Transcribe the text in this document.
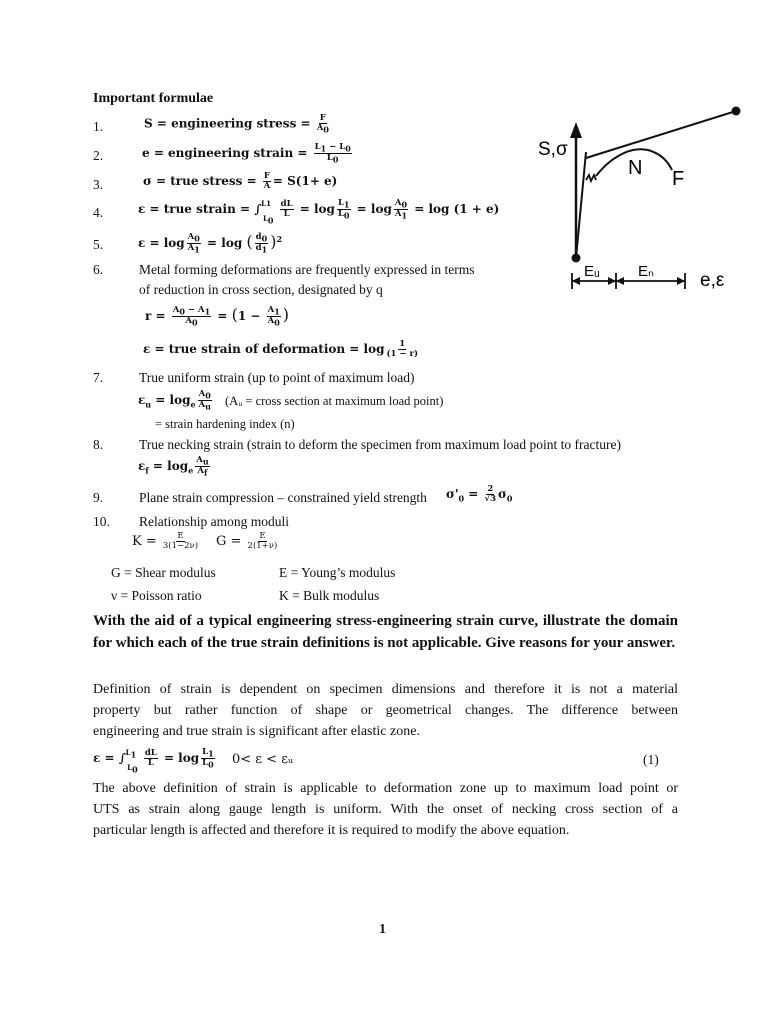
Important formulae
1.	S = engineering stress = $\frac{F}{A_0}$
2.	e = engineering strain = $\frac{L_1 - L_0}{L_0}$
3.	σ = true stress = $\frac{F}{A} = S(1+ e)$
4.	ε = true strain = ∫$^{L1}_{L_0}$
$\frac{dL}{L} = \log \frac{L_1}{L_0} = \log \frac{A_0}{A_1} = \log (1 + e)$
5.	$\varepsilon = \log \frac{A_0}{A_1} = \log$ ( $\frac{d_0}{d_1} )^2$
6.	Metal forming deformations are frequently expressed in terms
of reduction in cross section, designated by q
$r = \frac{A_0 - A_1}{A_0} = (1 - \frac{A_1}{A_0}$ )
ε = true strain of deformation = $\log \frac{1}{(1 - r)}$
7.	True uniform strain (up to point of maximum load)
$\varepsilon_u = \log_e \frac{A_0}{A_u}$ (Aᵤ = cross section at maximum load point)
= strain hardening index (n)
8.	True necking strain (strain to deform the specimen from maximum load point to fracture)
$\varepsilon_f = \log_e \frac{A_u}{A_f}$
9.	Plane strain compression – constrained yield strength $\sigma'_0 = \frac{2}{√3} \sigma_0$
10. Relationship among moduli
$K = \frac{E}{3(1-2\nu)}$ $G = \frac{E}{2(1+\nu)}$
G = Shear modulus	E = Young’s modulus
ν = Poisson ratio	K = Bulk modulus
With the aid of a typical engineering stress-engineering strain curve, illustrate the domain for which each of the true strain definitions is not applicable. Give reasons for your answer.
Definition of strain is dependent on specimen dimensions and therefore it is not a material
property but rather function of shape or geometrical changes. The difference between
engineering and true strain is significant after elastic zone.
ε = ∫$^{L_1}_{L_0}$
$\frac{dL}{L} = \log \frac{L_1}{L_0} 0< \varepsilon$ < εᵤ	(1)
The above definition of strain is applicable to deformation zone up to maximum load point or
UTS as strain along gauge length is uniform. With the onset of necking cross section of a
particular length is affected and therefore it is required to modify the above equation.
1
S,σ
N F
Eᵤ	Eₙ e,ε
